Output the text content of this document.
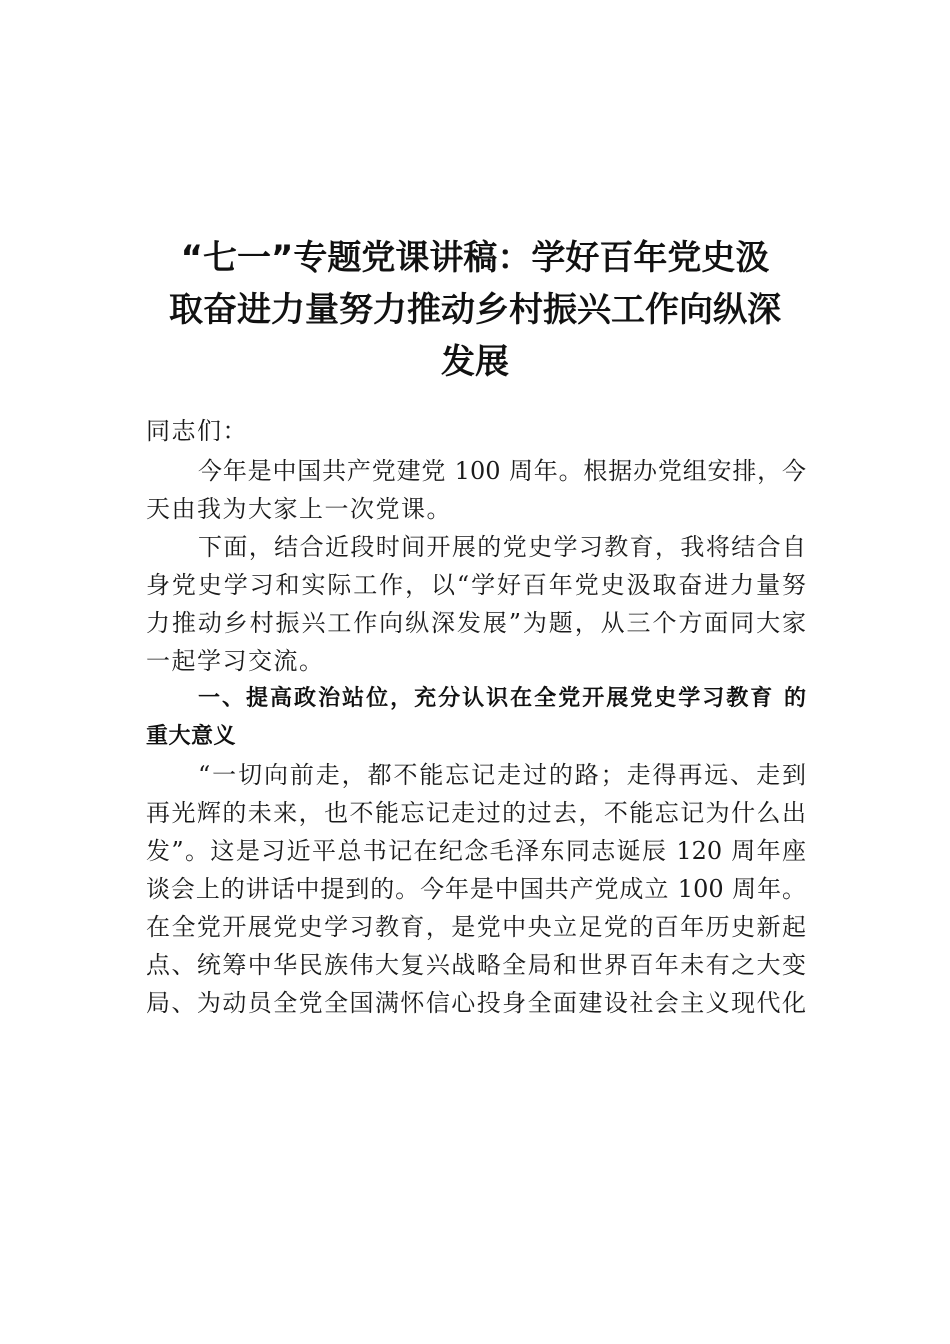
“七一”专题党课讲稿：学好百年党史汲
取奋进力量努力推动乡村振兴工作向纵深
发展
同志们：
今年是中国共产党建党 100 周年。根据办党组安排，今
天由我为大家上一次党课。
下面，结合近段时间开展的党史学习教育，我将结合自
身党史学习和实际工作，以“学好百年党史汲取奋进力量努
力推动乡村振兴工作向纵深发展”为题，从三个方面同大家
一起学习交流。
一、提高政治站位，充分认识在全党开展党史学习教育 的
重大意义
“一切向前走，都不能忘记走过的路；走得再远、走到
再光辉的未来，也不能忘记走过的过去，不能忘记为什么出
发”。这是习近平总书记在纪念毛泽东同志诞辰 120 周年座
谈会上的讲话中提到的。今年是中国共产党成立 100 周年。
在全党开展党史学习教育，是党中央立足党的百年历史新起
点、统筹中华民族伟大复兴战略全局和世界百年未有之大变
局、为动员全党全国满怀信心投身全面建设社会主义现代化
